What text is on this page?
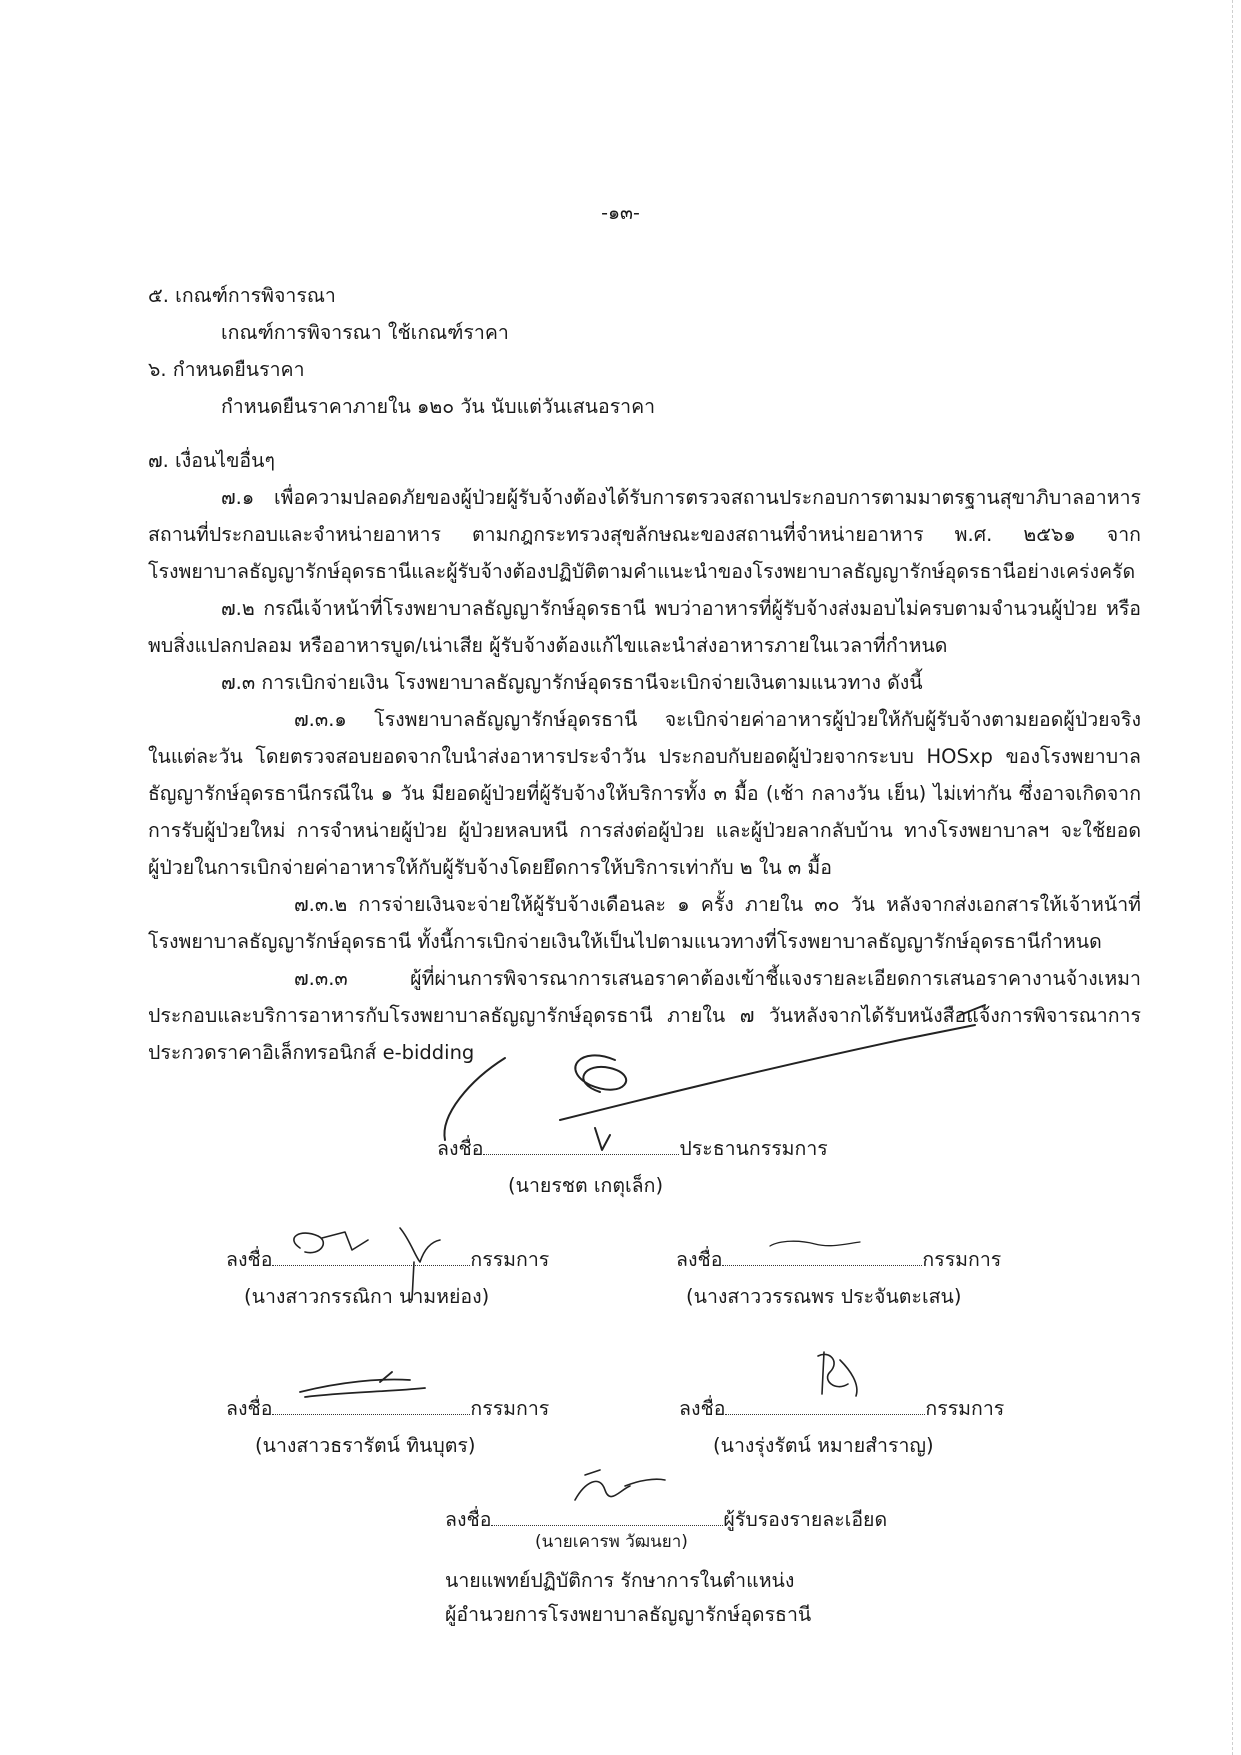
-๑๓-
๕. เกณฑ์การพิจารณา
เกณฑ์การพิจารณา ใช้เกณฑ์ราคา
๖. กำหนดยืนราคา
กำหนดยืนราคาภายใน ๑๒๐ วัน นับแต่วันเสนอราคา
๗. เงื่อนไขอื่นๆ
๗.๑ เพื่อความปลอดภัยของผู้ป่วยผู้รับจ้างต้องได้รับการตรวจสถานประกอบการตามมาตรฐานสุขาภิบาลอาหาร
สถานที่ประกอบและจำหน่ายอาหาร ตามกฎกระทรวงสุขลักษณะของสถานที่จำหน่ายอาหาร พ.ศ. ๒๕๖๑ จาก
โรงพยาบาลธัญญารักษ์อุดรธานีและผู้รับจ้างต้องปฏิบัติตามคำแนะนำของโรงพยาบาลธัญญารักษ์อุดรธานีอย่างเคร่งครัด
๗.๒ กรณีเจ้าหน้าที่โรงพยาบาลธัญญารักษ์อุดรธานี พบว่าอาหารที่ผู้รับจ้างส่งมอบไม่ครบตามจำนวนผู้ป่วย หรือ
พบสิ่งแปลกปลอม หรืออาหารบูด/เน่าเสีย ผู้รับจ้างต้องแก้ไขและนำส่งอาหารภายในเวลาที่กำหนด
๗.๓ การเบิกจ่ายเงิน โรงพยาบาลธัญญารักษ์อุดรธานีจะเบิกจ่ายเงินตามแนวทาง ดังนี้
๗.๓.๑ โรงพยาบาลธัญญารักษ์อุดรธานี จะเบิกจ่ายค่าอาหารผู้ป่วยให้กับผู้รับจ้างตามยอดผู้ป่วยจริง
ในแต่ละวัน โดยตรวจสอบยอดจากใบนำส่งอาหารประจำวัน ประกอบกับยอดผู้ป่วยจากระบบ HOSxp ของโรงพยาบาล
ธัญญารักษ์อุดรธานีกรณีใน ๑ วัน มียอดผู้ป่วยที่ผู้รับจ้างให้บริการทั้ง ๓ มื้อ (เช้า กลางวัน เย็น) ไม่เท่ากัน ซึ่งอาจเกิดจาก
การรับผู้ป่วยใหม่ การจำหน่ายผู้ป่วย ผู้ป่วยหลบหนี การส่งต่อผู้ป่วย และผู้ป่วยลากลับบ้าน ทางโรงพยาบาลฯ จะใช้ยอด
ผู้ป่วยในการเบิกจ่ายค่าอาหารให้กับผู้รับจ้างโดยยึดการให้บริการเท่ากับ ๒ ใน ๓ มื้อ
๗.๓.๒ การจ่ายเงินจะจ่ายให้ผู้รับจ้างเดือนละ ๑ ครั้ง ภายใน ๓๐ วัน หลังจากส่งเอกสารให้เจ้าหน้าที่
โรงพยาบาลธัญญารักษ์อุดรธานี ทั้งนี้การเบิกจ่ายเงินให้เป็นไปตามแนวทางที่โรงพยาบาลธัญญารักษ์อุดรธานีกำหนด
๗.๓.๓ ผู้ที่ผ่านการพิจารณาการเสนอราคาต้องเข้าชี้แจงรายละเอียดการเสนอราคางานจ้างเหมา
ประกอบและบริการอาหารกับโรงพยาบาลธัญญารักษ์อุดรธานี ภายใน ๗ วันหลังจากได้รับหนังสือแจ้งการพิจารณาการ
ประกวดราคาอิเล็กทรอนิกส์ e-bidding
ลงชื่อ	ประธานกรรมการ
(นายรชต เกตุเล็ก)
ลงชื่อ	กรรมการ
(นางสาวกรรณิกา นามหย่อง)
ลงชื่อ	กรรมการ
(นางสาววรรณพร ประจันตะเสน)
ลงชื่อ	กรรมการ
(นางสาวธรารัตน์ ทินบุตร)
ลงชื่อ	กรรมการ
(นางรุ่งรัตน์ หมายสำราญ)
ลงชื่อ	ผู้รับรองรายละเอียด
(นายเคารพ วัฒนยา)
นายแพทย์ปฏิบัติการ รักษาการในตำแหน่ง
ผู้อำนวยการโรงพยาบาลธัญญารักษ์อุดรธานี
